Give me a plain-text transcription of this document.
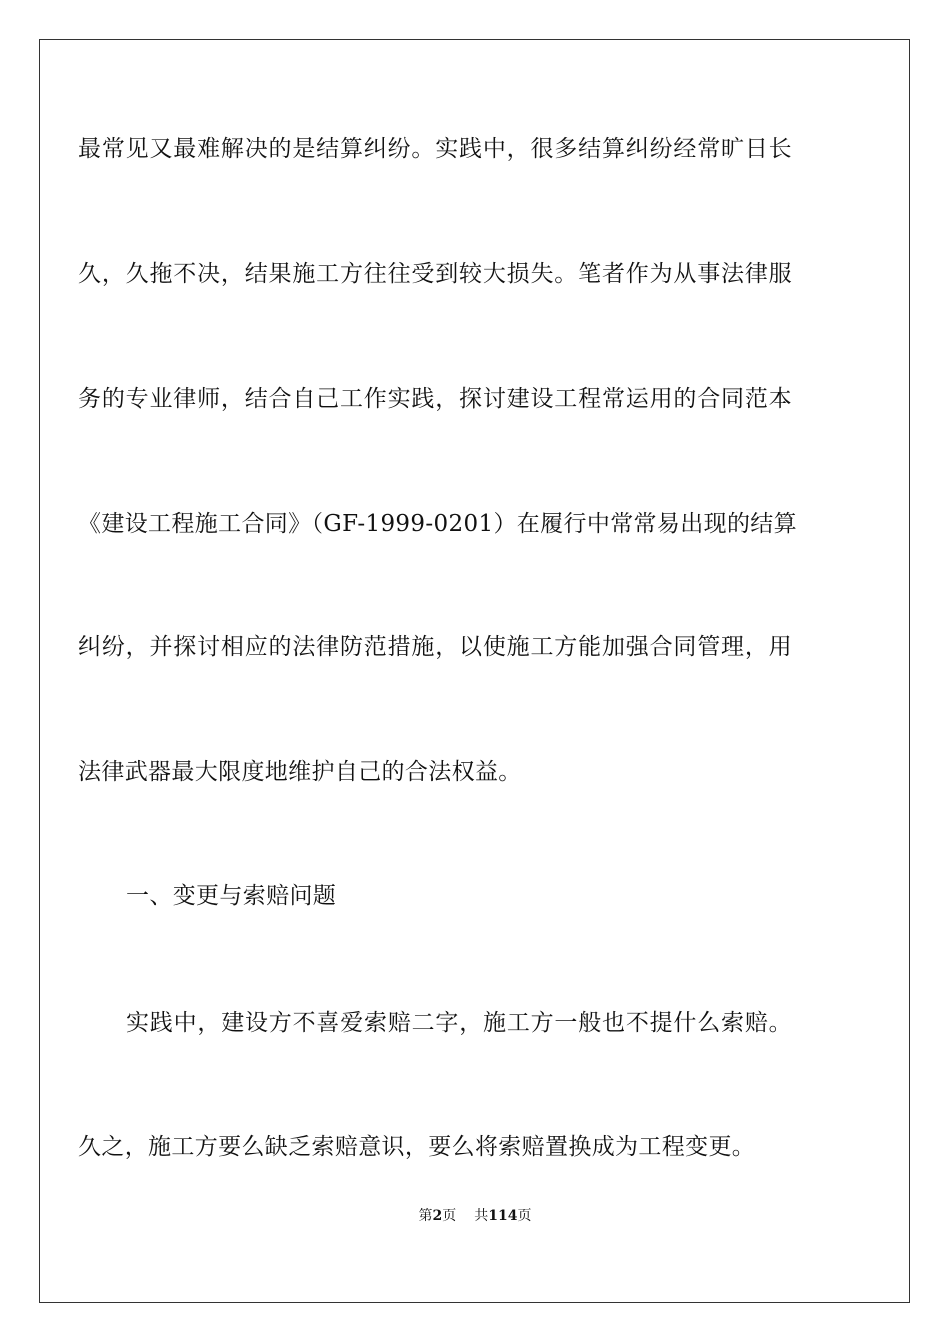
最常见又最难解决的是结算纠纷。实践中，很多结算纠纷经常旷日长
久，久拖不决，结果施工方往往受到较大损失。笔者作为从事法律服
务的专业律师，结合自己工作实践，探讨建设工程常运用的合同范本
《建设工程施工合同》（GF-1999-0201）在履行中常常易出现的结算
纠纷，并探讨相应的法律防范措施，以使施工方能加强合同管理，用
法律武器最大限度地维护自己的合法权益。
一、变更与索赔问题
实践中，建设方不喜爱索赔二字，施工方一般也不提什么索赔。
久之，施工方要么缺乏索赔意识，要么将索赔置换成为工程变更。
第2页 共114页
